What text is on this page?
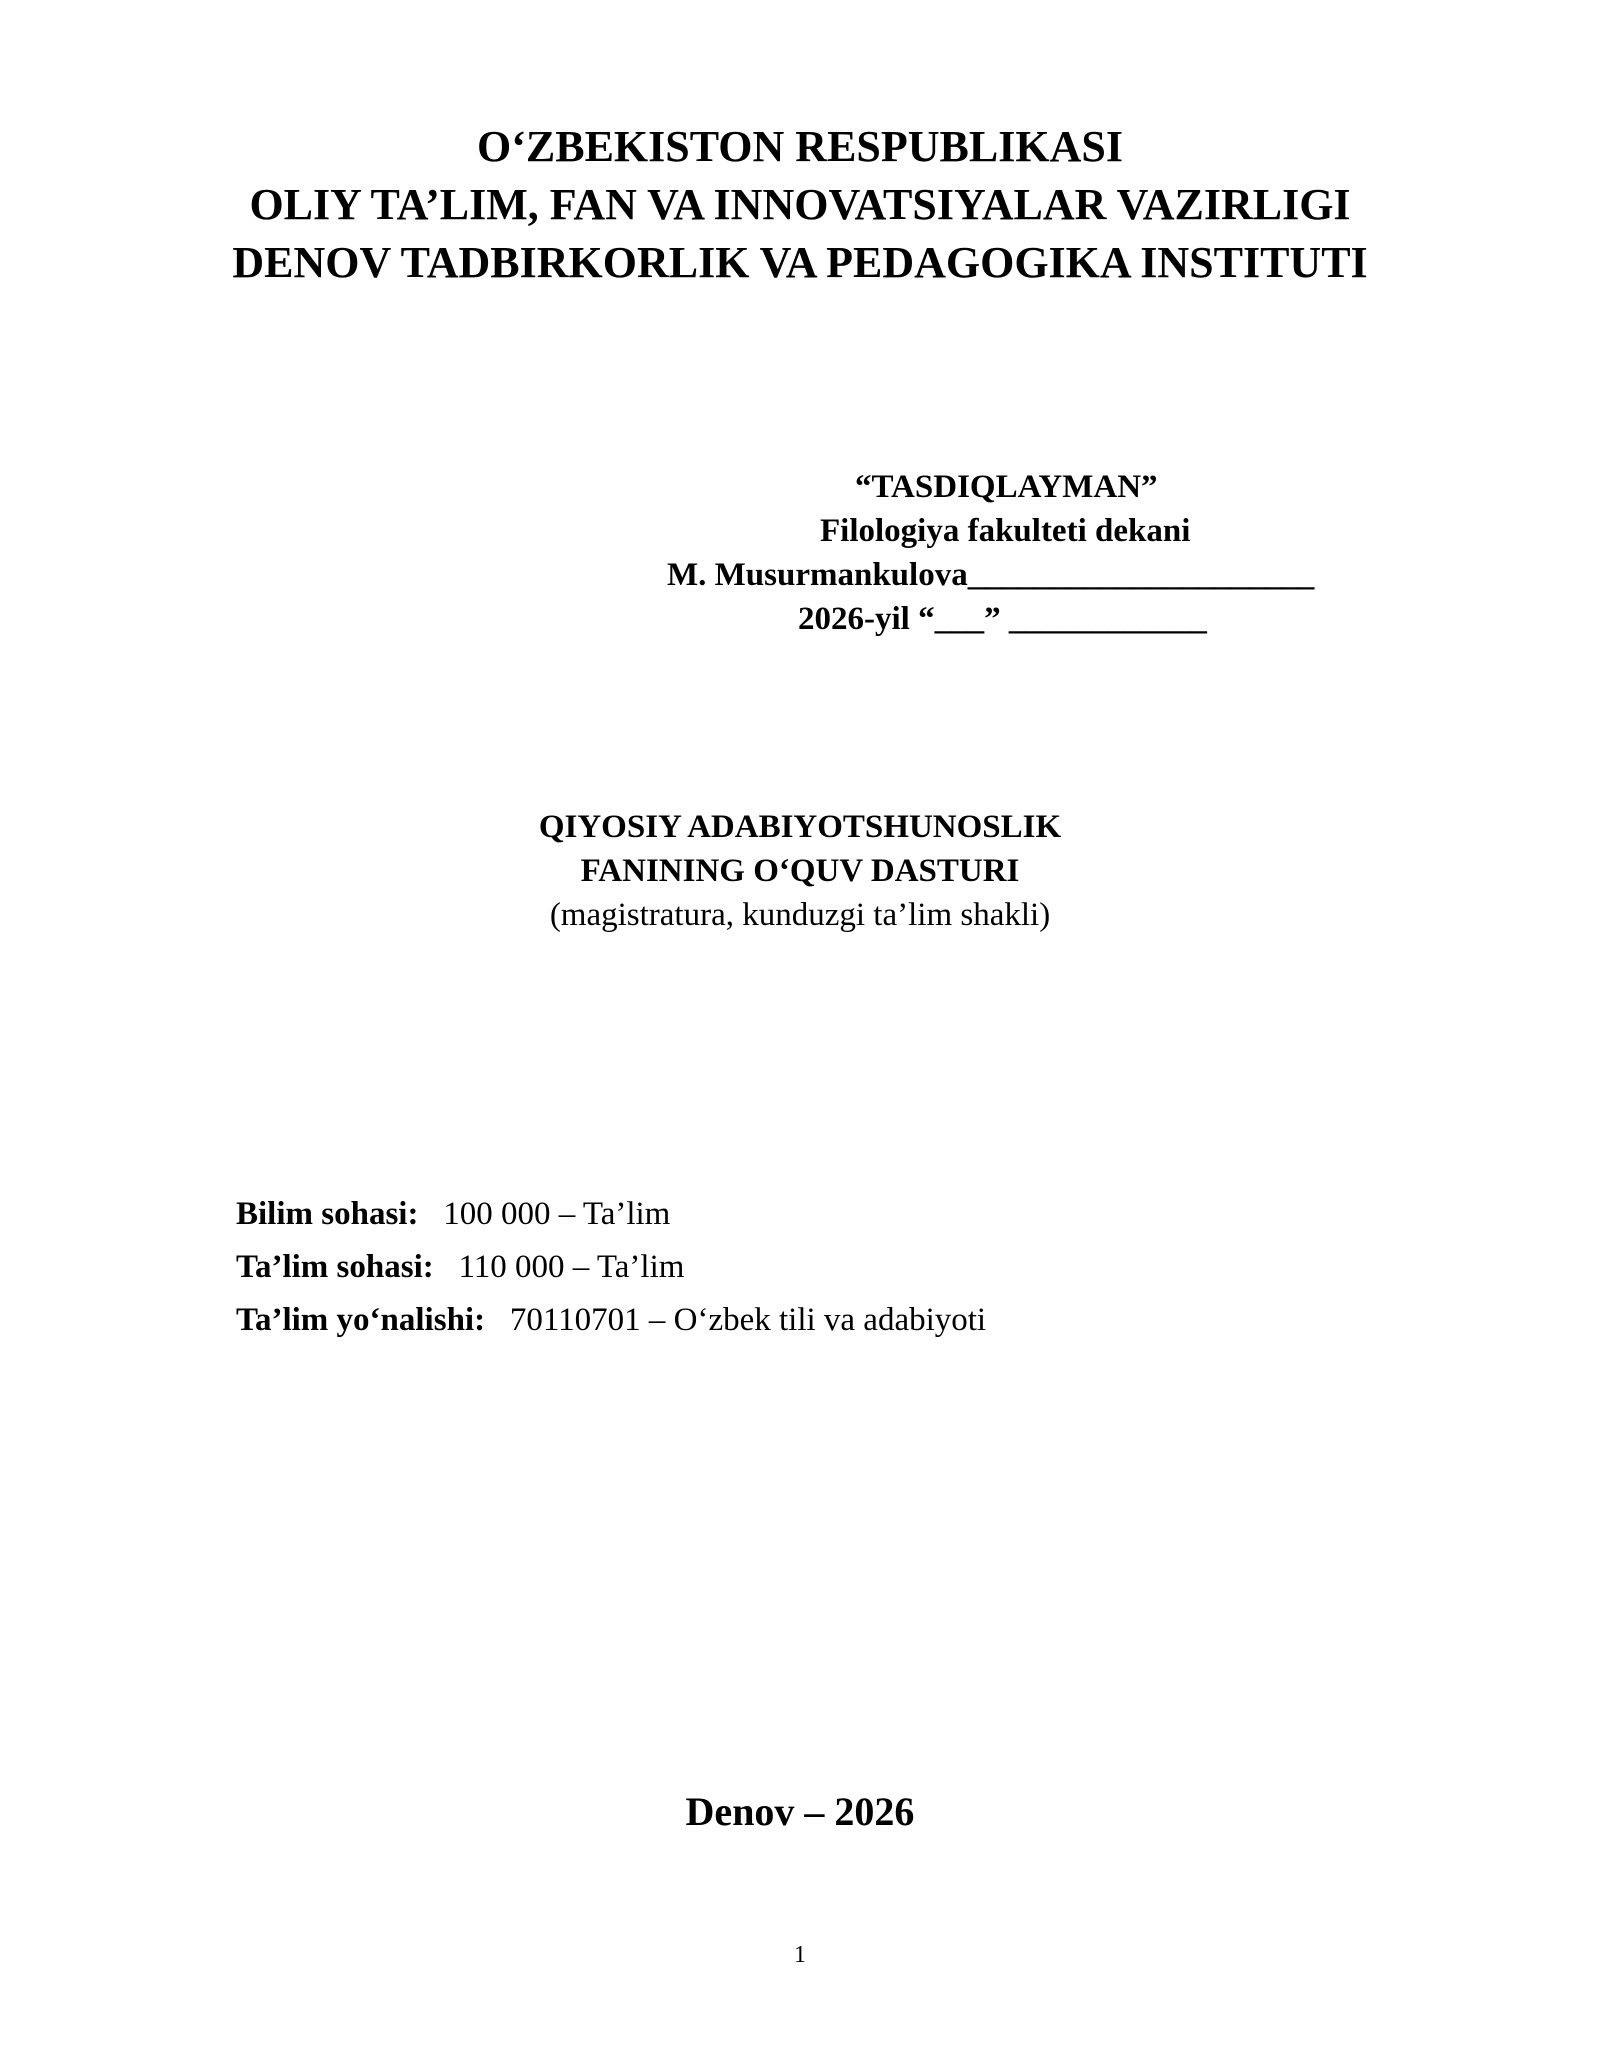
O‘ZBEKISTON RESPUBLIKASI
OLIY TA’LIM, FAN VA INNOVATSIYALAR VAZIRLIGI
DENOV TADBIRKORLIK VA PEDAGOGIKA INSTITUTI
“TASDIQLAYMAN”
Filologiya fakulteti dekani
M. Musurmankulova_____________________
2026-yil “___” ____________
QIYOSIY ADABIYOTSHUNOSLIK
FANINING O‘QUV DASTURI
(magistratura, kunduzgi ta’lim shakli)
Bilim sohasi: 100 000 – Ta’lim
Ta’lim sohasi: 110 000 – Ta’lim
Ta’lim yo‘nalishi: 70110701 – O‘zbek tili va adabiyoti
Denov – 2026
1
